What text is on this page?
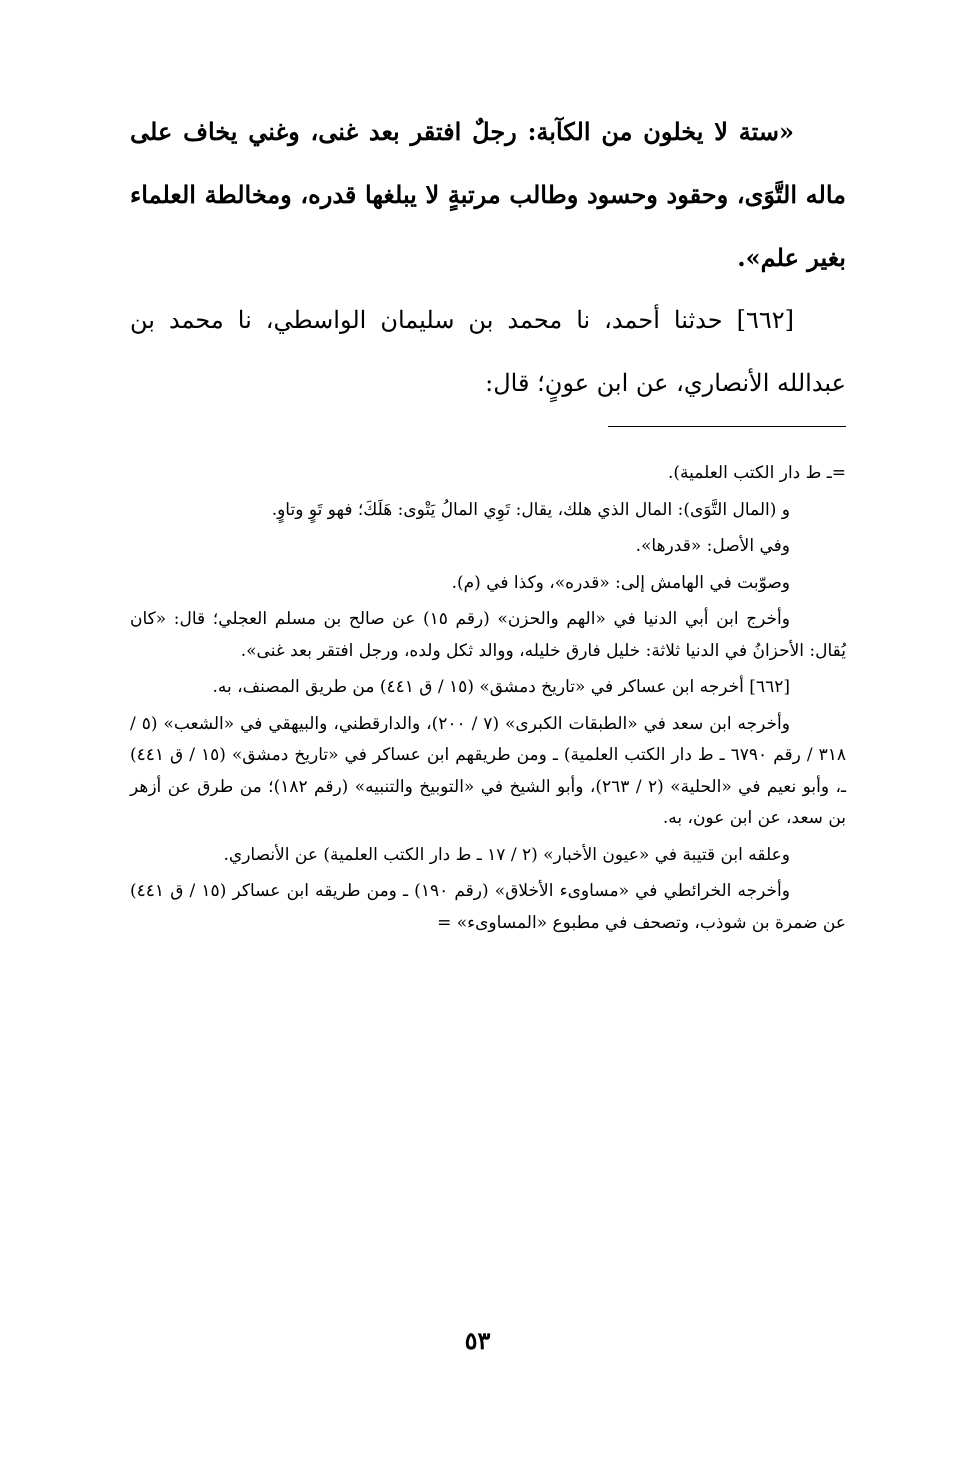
«ستة لا يخلون من الكآبة: رجلٌ افتقر بعد غنى، وغني يخاف على ماله التَّوَى، وحقود وحسود وطالب مرتبةٍ لا يبلغها قدره، ومخالطة العلماء بغير علم».

[٦٦٢] حدثنا أحمد، نا محمد بن سليمان الواسطي، نا محمد بن عبدالله الأنصاري، عن ابن عونٍ؛ قال:

=ـ ط دار الكتب العلمية).

و (المال التَّوَى): المال الذي هلك، يقال: تَوِي المالُ يَتْوى: هَلَكَ؛ فهو تَوٍ وتاوٍ.

وفي الأصل: «قدرها».

وصوّبت في الهامش إلى: «قدره»، وكذا في (م).

وأخرج ابن أبي الدنيا في «الهم والحزن» (رقم ١٥) عن صالح بن مسلم العجلي؛ قال: «كان يُقال: الأحزانُ في الدنيا ثلاثة: خليل فارق خليله، ووالد ثكل ولده، ورجل افتقر بعد غنى».

[٦٦٢] أخرجه ابن عساكر في «تاريخ دمشق» (١٥ / ق ٤٤١) من طريق المصنف، به.

وأخرجه ابن سعد في «الطبقات الكبرى» (٧ / ٢٠٠)، والدارقطني، والبيهقي في «الشعب» (٥ / ٣١٨ / رقم ٦٧٩٠ ـ ط دار الكتب العلمية) ـ ومن طريقهم ابن عساكر في «تاريخ دمشق» (١٥ / ق ٤٤١) ـ، وأبو نعيم في «الحلية» (٢ / ٢٦٣)، وأبو الشيخ في «التوبيخ والتنبيه» (رقم ١٨٢)؛ من طرق عن أزهر بن سعد، عن ابن عون، به.

وعلقه ابن قتيبة في «عيون الأخبار» (٢ / ١٧ ـ ط دار الكتب العلمية) عن الأنصاري.

وأخرجه الخرائطي في «مساوىء الأخلاق» (رقم ١٩٠) ـ ومن طريقه ابن عساكر (١٥ / ق ٤٤١) عن ضمرة بن شوذب، وتصحف في مطبوع «المساوىء» =

٥٣
